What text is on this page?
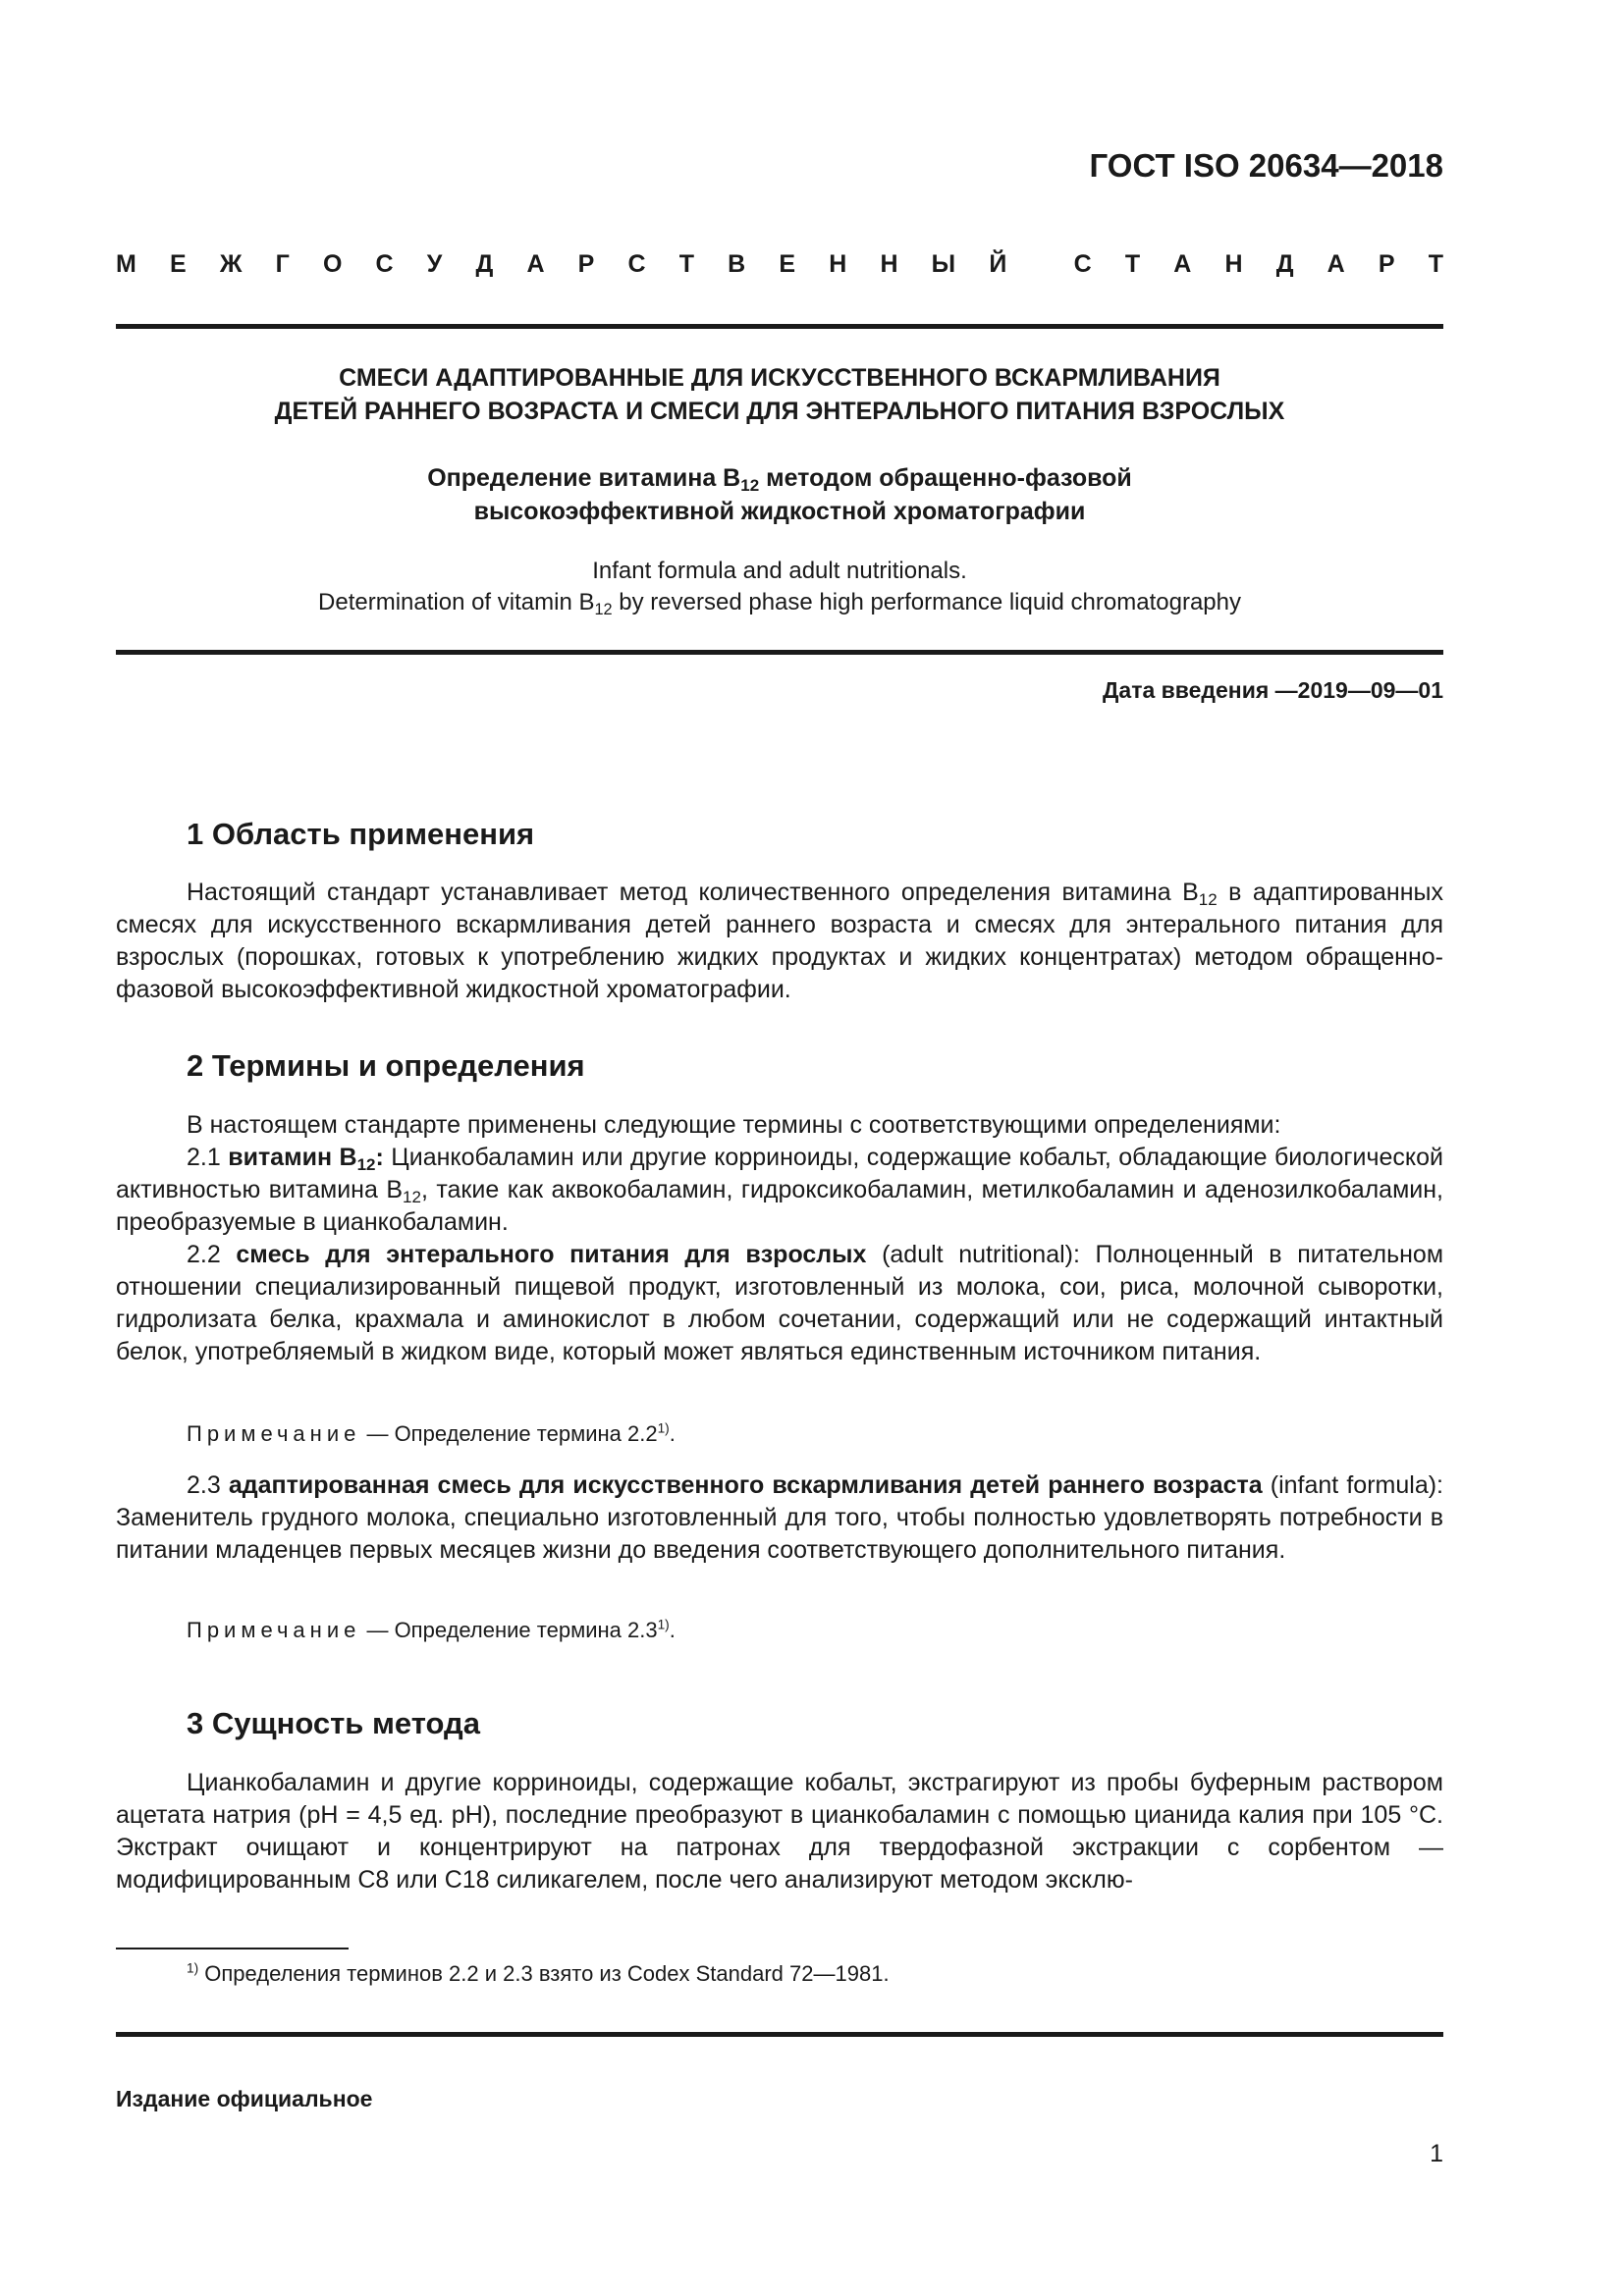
ГОСТ ISO 20634—2018
М Е Ж Г О С У Д А Р С Т В Е Н Н Ы Й	С Т А Н Д А Р Т
СМЕСИ АДАПТИРОВАННЫЕ ДЛЯ ИСКУССТВЕННОГО ВСКАРМЛИВАНИЯ
ДЕТЕЙ РАННЕГО ВОЗРАСТА И СМЕСИ ДЛЯ ЭНТЕРАЛЬНОГО ПИТАНИЯ ВЗРОСЛЫХ
Определение витамина $B_{12}$ методом обращенно-фазовой
высокоэффективной жидкостной хроматографии
Infant formula and adult nutritionals.
Determination of vitamin $B_{12}$ by reversed phase high performance liquid chromatography
Дата введения —2019—09—01
1 Область применения

Настоящий стандарт устанавливает метод количественного определения витамина $B_{12}$ в адаптированных смесях для искусственного вскармливания детей раннего возраста и смесях для энтерального питания для взрослых (порошках, готовых к употреблению жидких продуктах и жидких концентратах) методом обращенно-фазовой высокоэффективной жидкостной хроматографии.

2 Термины и определения

В настоящем стандарте применены следующие термины с соответствующими определениями:

2.1 витамин $B_{12}$: Цианкобаламин или другие корриноиды, содержащие кобальт, обладающие биологической активностью витамина $B_{12}$, такие как аквокобаламин, гидроксикобаламин, метилкобаламин и аденозилкобаламин, преобразуемые в цианкобаламин.

2.2 смесь для энтерального питания для взрослых (adult nutritional): Полноценный в питательном отношении специализированный пищевой продукт, изготовленный из молока, сои, риса, молочной сыворотки, гидролизата белка, крахмала и аминокислот в любом сочетании, содержащий или не содержащий интактный белок, употребляемый в жидком виде, который может являться единственным источником питания.

Примечание — Определение термина 2.2$^{1)}$.

2.3 адаптированная смесь для искусственного вскармливания детей раннего возраста (infant formula): Заменитель грудного молока, специально изготовленный для того, чтобы полностью удовлетворять потребности в питании младенцев первых месяцев жизни до введения соответствующего дополнительного питания.

Примечание — Определение термина 2.3$^{1)}$.
3 Сущность метода

Цианкобаламин и другие корриноиды, содержащие кобальт, экстрагируют из пробы буферным раствором ацетата натрия (pH = 4,5 ед. pH), последние преобразуют в цианкобаламин с помощью цианида калия при 105 °С. Экстракт очищают и концентрируют на патронах для твердофазной экстракции с сорбентом — модифицированным С8 или С18 силикагелем, после чего анализируют методом эксклю-

$^{1)}$ Определения терминов 2.2 и 2.3 взято из Codex Standard 72—1981.
Издание официальное
1
